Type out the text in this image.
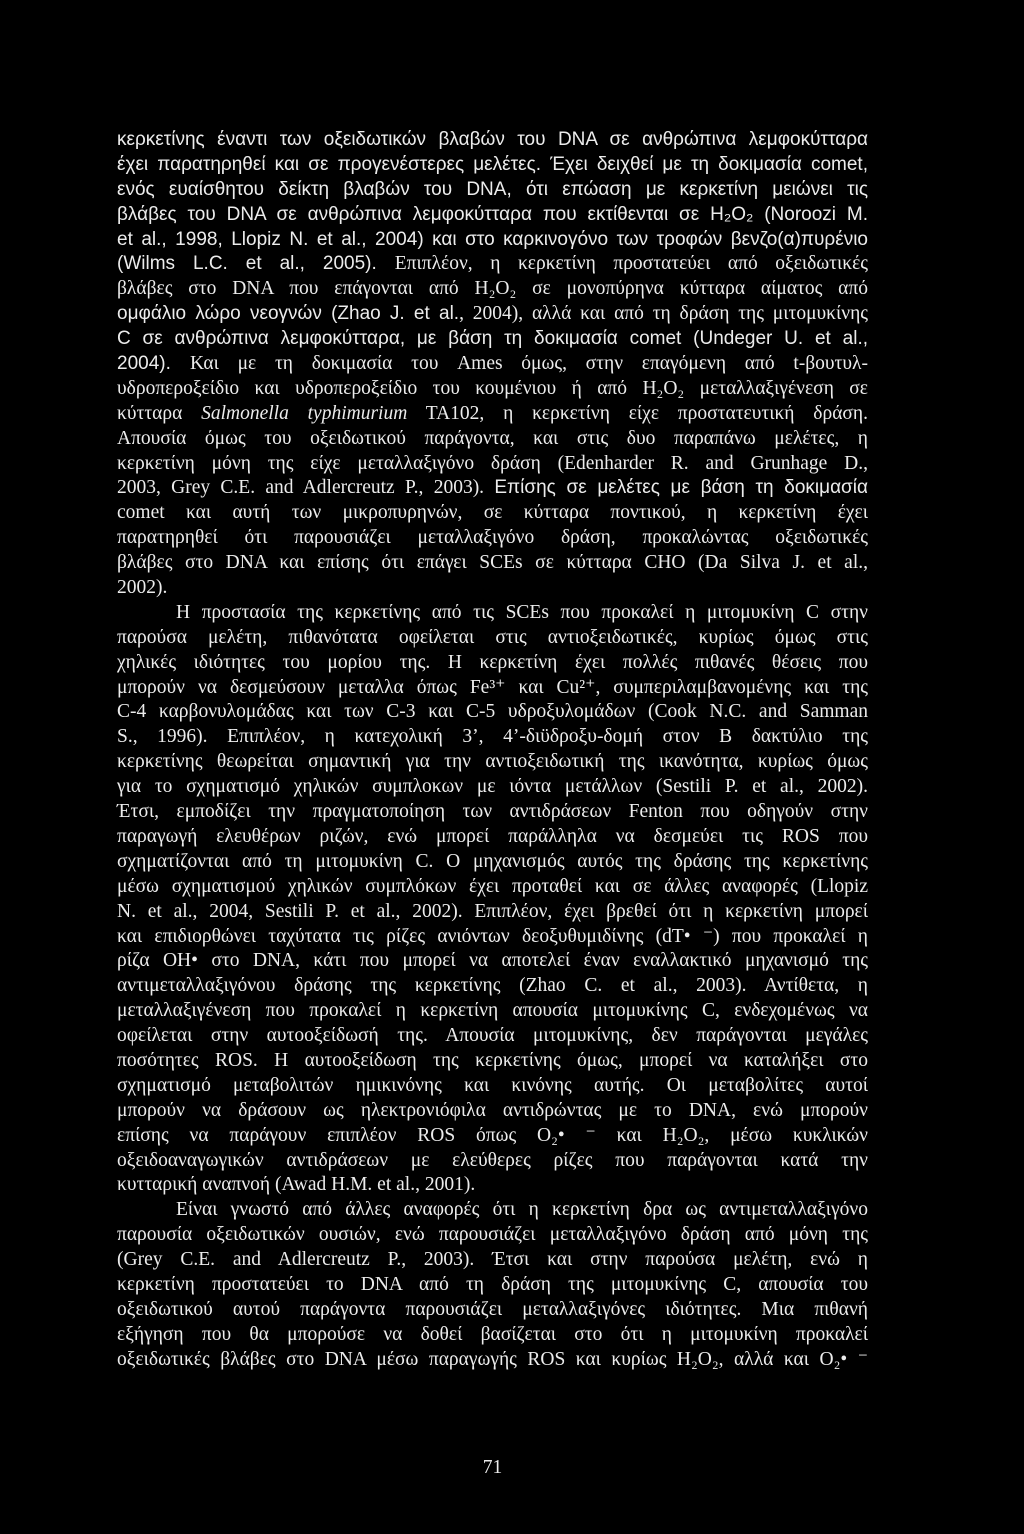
κερκετίνης έναντι των οξειδωτικών βλαβών του DNA σε ανθρώπινα λεμφοκύτταρα
έχει παρατηρηθεί και σε προγενέστερες μελέτες. Έχει δειχθεί με τη δοκιμασία comet,
ενός ευαίσθητου δείκτη βλαβών του DNA, ότι επώαση με κερκετίνη μειώνει τις
βλάβες του DNA σε ανθρώπινα λεμφοκύτταρα που εκτίθενται σε H₂O₂ (Noroozi M.
et al., 1998, Llopiz N. et al., 2004) και στο καρκινογόνο των τροφών βενζο(α)πυρένιο
(Wilms L.C. et al., 2005). Επιπλέον, η κερκετίνη προστατεύει από οξειδωτικές
βλάβες στο DNA που επάγονται από H₂O₂ σε μονοπύρηνα κύτταρα αίματος από
ομφάλιο λώρο νεογνών (Zhao J. et al., 2004), αλλά και από τη δράση της μιτομυκίνης
C σε ανθρώπινα λεμφοκύτταρα, με βάση τη δοκιμασία comet (Undeger U. et al.,
2004). Και με τη δοκιμασία του Ames όμως, στην επαγόμενη από t-βουτυλ-
υδροπεροξείδιο και υδροπεροξείδιο του κουμένιου ή από H₂O₂ μεταλλαξιγένεση σε
κύτταρα Salmonella typhimurium TA102, η κερκετίνη είχε προστατευτική δράση.
Απουσία όμως του οξειδωτικού παράγοντα, και στις δυο παραπάνω μελέτες, η
κερκετίνη μόνη της είχε μεταλλαξιγόνο δράση (Edenharder R. and Grunhage D.,
2003, Grey C.E. and Adlercreutz P., 2003). Επίσης σε μελέτες με βάση τη δοκιμασία
comet και αυτή των μικροπυρηνών, σε κύτταρα ποντικού, η κερκετίνη έχει
παρατηρηθεί ότι παρουσιάζει μεταλλαξιγόνο δράση, προκαλώντας οξειδωτικές
βλάβες στο DNA και επίσης ότι επάγει SCEs σε κύτταρα CHO (Da Silva J. et al.,
2002).
Η προστασία της κερκετίνης από τις SCEs που προκαλεί η μιτομυκίνη C στην
παρούσα μελέτη, πιθανότατα οφείλεται στις αντιοξειδωτικές, κυρίως όμως στις
χηλικές ιδιότητες του μορίου της. Η κερκετίνη έχει πολλές πιθανές θέσεις που
μπορούν να δεσμεύσουν μεταλλα όπως Fe³⁺ και Cu²⁺, συμπεριλαμβανομένης και της
C-4 καρβονυλομάδας και των C-3 και C-5 υδροξυλομάδων (Cook N.C. and Samman
S., 1996). Επιπλέον, η κατεχολική 3’, 4’-διϋδροξυ-δομή στον Β δακτύλιο της
κερκετίνης θεωρείται σημαντική για την αντιοξειδωτική της ικανότητα, κυρίως όμως
για το σχηματισμό χηλικών συμπλοκων με ιόντα μετάλλων (Sestili P. et al., 2002).
Έτσι, εμποδίζει την πραγματοποίηση των αντιδράσεων Fenton που οδηγούν στην
παραγωγή ελευθέρων ριζών, ενώ μπορεί παράλληλα να δεσμεύει τις ROS που
σχηματίζονται από τη μιτομυκίνη C. Ο μηχανισμός αυτός της δράσης της κερκετίνης
μέσω σχηματισμού χηλικών συμπλόκων έχει προταθεί και σε άλλες αναφορές (Llopiz
N. et al., 2004, Sestili P. et al., 2002). Επιπλέον, έχει βρεθεί ότι η κερκετίνη μπορεί
και επιδιορθώνει ταχύτατα τις ρίζες ανιόντων δεοξυθυμιδίνης (dT• ⁻) που προκαλεί η
ρίζα OH• στο DNA, κάτι που μπορεί να αποτελεί έναν εναλλακτικό μηχανισμό της
αντιμεταλλαξιγόνου δράσης της κερκετίνης (Zhao C. et al., 2003). Αντίθετα, η
μεταλλαξιγένεση που προκαλεί η κερκετίνη απουσία μιτομυκίνης C, ενδεχομένως να
οφείλεται στην αυτοοξείδωσή της. Απουσία μιτομυκίνης, δεν παράγονται μεγάλες
ποσότητες ROS. Η αυτοοξείδωση της κερκετίνης όμως, μπορεί να καταλήξει στο
σχηματισμό μεταβολιτών ημικινόνης και κινόνης αυτής. Οι μεταβολίτες αυτοί
μπορούν να δράσουν ως ηλεκτρονιόφιλα αντιδρώντας με το DNA, ενώ μπορούν
επίσης να παράγουν επιπλέον ROS όπως O₂• ⁻ και H₂O₂, μέσω κυκλικών
οξειδοαναγωγικών αντιδράσεων με ελεύθερες ρίζες που παράγονται κατά την
κυτταρική αναπνοή (Awad H.M. et al., 2001).
Είναι γνωστό από άλλες αναφορές ότι η κερκετίνη δρα ως αντιμεταλλαξιγόνο
παρουσία οξειδωτικών ουσιών, ενώ παρουσιάζει μεταλλαξιγόνο δράση από μόνη της
(Grey C.E. and Adlercreutz P., 2003). Έτσι και στην παρούσα μελέτη, ενώ η
κερκετίνη προστατεύει το DNA από τη δράση της μιτομυκίνης C, απουσία του
οξειδωτικού αυτού παράγοντα παρουσιάζει μεταλλαξιγόνες ιδιότητες. Μια πιθανή
εξήγηση που θα μπορούσε να δοθεί βασίζεται στο ότι η μιτομυκίνη προκαλεί
οξειδωτικές βλάβες στο DNA μέσω παραγωγής ROS και κυρίως H₂O₂, αλλά και O₂• ⁻
71
